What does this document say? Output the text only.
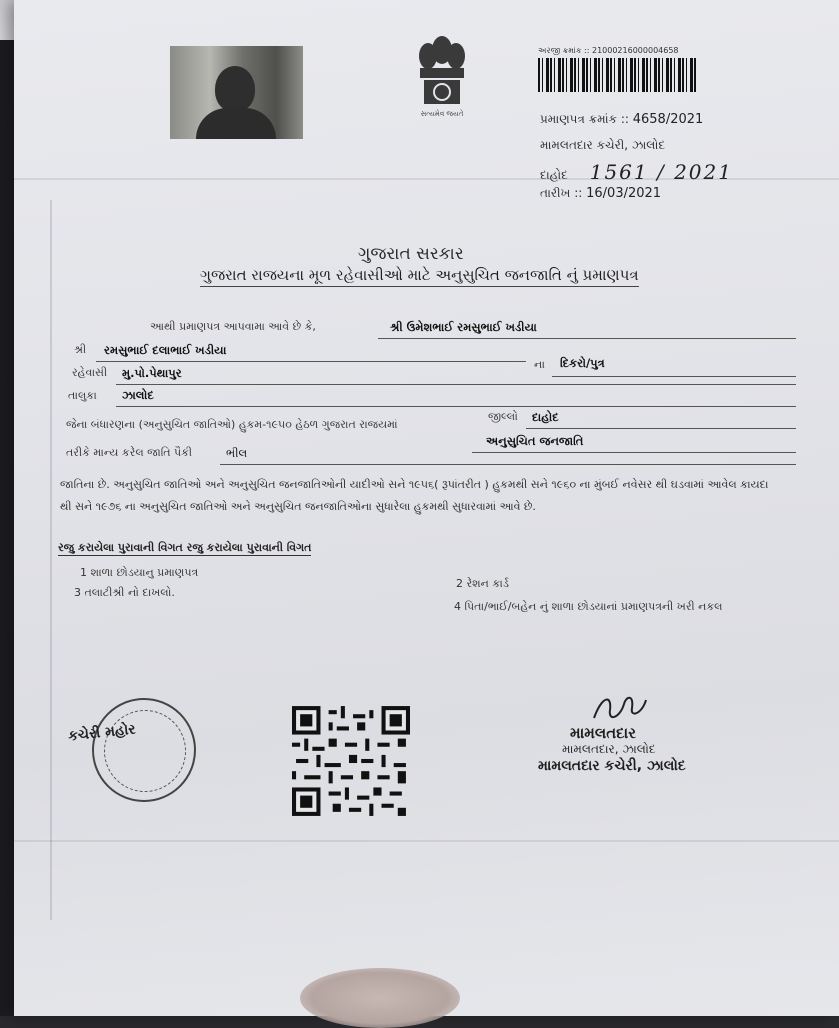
સત્યમેવ જયતે
અરજી ક્રમાંક :: 21000216000004658
પ્રમાણપત્ર ક્રમાંક :: 4658/2021
મામલતદાર કચેરી, ઝાલોદ
દાહોદ 1561 / 2021
તારીખ :: 16/03/2021
ગુજરાત સરકાર
ગુજરાત રાજયના મૂળ રહેવાસીઓ માટે અનુસુચિત જનજાતિ નું પ્રમાણપત્ર
આથી પ્રમાણપત્ર આપવામા આવે છે કે,	શ્રી ઉમેશભાઈ રમસુભાઈ ખડીયા
શ્રી રમસુભાઈ દલાભાઈ ખડીયા
ના દિકરો/પુત્ર
રહેવાસી મુ.પો.પેથાપુર
તાલુકા ઝાલોદ
જીલ્લો દાહોદ
જેના બંધારણના (અનુસુચિત જાતિઓ) હુકમ-૧૯૫૦ હેઠળ ગુજરાત રાજયમાં
અનુસુચિત જનજાતિ
તરીકે માન્ય કરેલ જાતિ પૈકી	ભીલ
જાતિના છે. અનુસુચિત જાતિઓ અને અનુસુચિત જનજાતિઓની યાદીઓ સને ૧૯૫૬( રૂપાંતરીત ) હુકમથી સને ૧૯૬૦ ના મુંબઈ નવેસર થી ઘડવામાં આવેલ કાયદા થી સને ૧૯૭૬ ના અનુસુચિત જાતિઓ અને અનુસુચિત જનજાતિઓના સુધારેલા હુકમથી સુધારવામાં આવે છે.
રજુ કરાયેલા પુરાવાની વિગત રજુ કરાયેલા પુરાવાની વિગત
1 શાળા છોડયાનુ પ્રમાણપત્ર
2 રેશન કાર્ડ
3 તલાટીશ્રી નો દાખલો.
4 પિતા/ભાઈ/બહેન નું શાળા છોડયાનાં પ્રમાણપત્રની ખરી નકલ
કચેરી મહોર	મામલતદાર
મામલતદાર, ઝાલોદ
મામલતદાર કચેરી, ઝાલોદ
